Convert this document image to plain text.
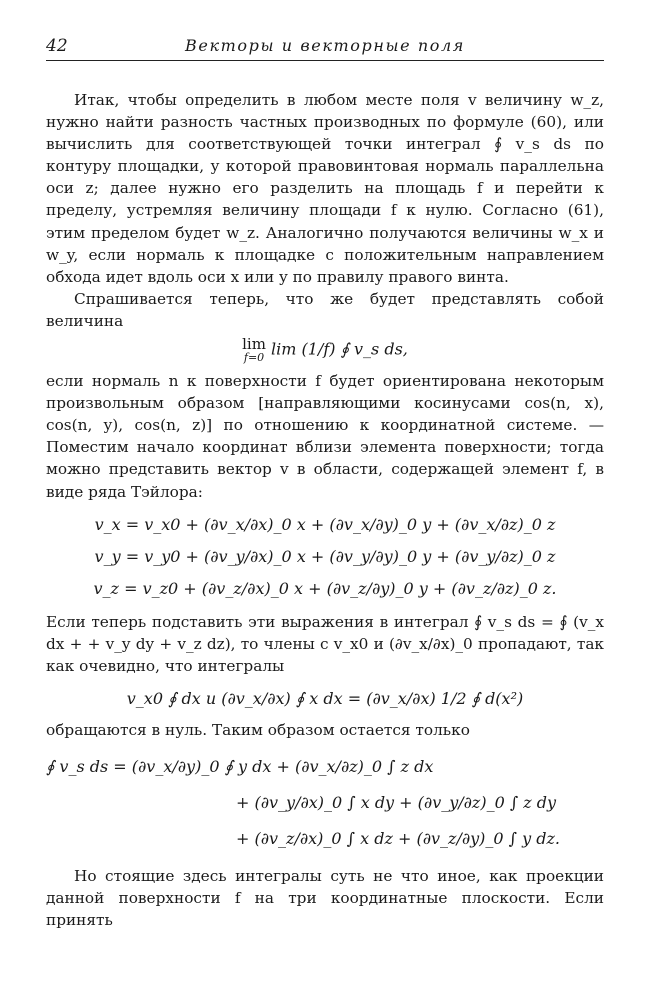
42	Векторы и векторные поля

Итак, чтобы определить в любом месте поля v величину w_z, нужно найти разность частных производных по формуле (60), или вычислить для соответствующей точки интеграл ∮ v_s ds по контуру площадки, у которой правовинтовая нормаль параллельна оси z; далее нужно его разделить на площадь f и перейти к пределу, устремляя величину площади f к нулю. Согласно (61), этим пределом будет w_z. Аналогично получаются величины w_x и w_y, если нормаль к площадке с положительным направлением обхода идет вдоль оси x или y по правилу правого винта.

Спрашивается теперь, что же будет представлять собой величина

lim
f=0 lim (1/f) ∮ v_s ds,

если нормаль n к поверхности f будет ориентирована некоторым произвольным образом [направляющими косинусами cos(n, x), cos(n, y), cos(n, z)] по отношению к координатной системе. — Поместим начало координат вблизи элемента поверхности; тогда можно представить вектор v в области, содержащей элемент f, в виде ряда Тэйлора:

v_x = v_x0 + (∂v_x/∂x)_0 x + (∂v_x/∂y)_0 y + (∂v_x/∂z)_0 z
v_y = v_y0 + (∂v_y/∂x)_0 x + (∂v_y/∂y)_0 y + (∂v_y/∂z)_0 z
v_z = v_z0 + (∂v_z/∂x)_0 x + (∂v_z/∂y)_0 y + (∂v_z/∂z)_0 z.

Если теперь подставить эти выражения в интеграл ∮ v_s ds = ∮ (v_x dx + + v_y dy + v_z dz), то члены с v_x0 и (∂v_x/∂x)_0 пропадают, так как очевидно, что интегралы

v_x0 ∮ dx и (∂v_x/∂x) ∮ x dx = (∂v_x/∂x) 1/2 ∮ d(x²)

обращаются в нуль. Таким образом остается только

∮ v_s ds = (∂v_x/∂y)_0 ∮ y dx + (∂v_x/∂z)_0 ∫ z dx
+ (∂v_y/∂x)_0 ∫ x dy + (∂v_y/∂z)_0 ∫ z dy
+ (∂v_z/∂x)_0 ∫ x dz + (∂v_z/∂y)_0 ∫ y dz.

Но стоящие здесь интегралы суть не что иное, как проекции данной поверхности f на три координатные плоскости. Если принять
